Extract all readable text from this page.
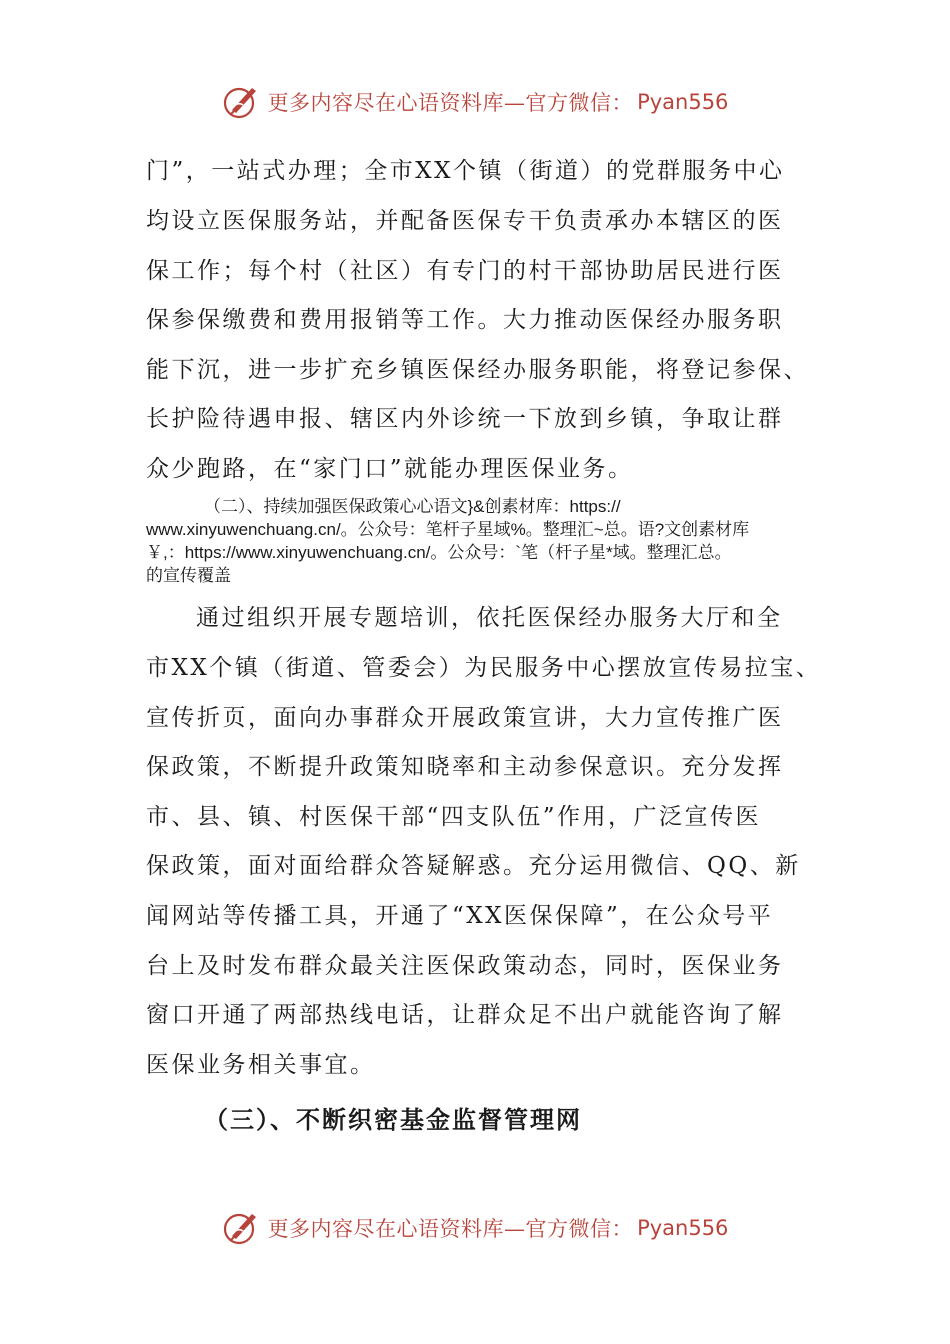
更多内容尽在心语资料库—官方微信： Pyan556
门”，一站式办理；全市XX个镇（街道）的党群服务中心
均设立医保服务站，并配备医保专干负责承办本辖区的医
保工作；每个村（社区）有专门的村干部协助居民进行医
保参保缴费和费用报销等工作。大力推动医保经办服务职
能下沉，进一步扩充乡镇医保经办服务职能，将登记参保、
长护险待遇申报、辖区内外诊统一下放到乡镇，争取让群
众少跑路，在“家门口”就能办理医保业务。
（二）、持续加强医保政策心心语文}&创素材库：https://
www.xinyuwenchuang.cn/。公众号：笔杆子星域%。整理汇~总。语?文创素材库
￥,：https://www.xinyuwenchuang.cn/。公众号：`笔（杆子星*域。整理汇总。
的宣传覆盖
通过组织开展专题培训，依托医保经办服务大厅和全
市XX个镇（街道、管委会）为民服务中心摆放宣传易拉宝、
宣传折页，面向办事群众开展政策宣讲，大力宣传推广医
保政策，不断提升政策知晓率和主动参保意识。充分发挥
市、县、镇、村医保干部“四支队伍”作用，广泛宣传医
保政策，面对面给群众答疑解惑。充分运用微信、QQ、新
闻网站等传播工具，开通了“XX医保保障”，在公众号平
台上及时发布群众最关注医保政策动态，同时，医保业务
窗口开通了两部热线电话，让群众足不出户就能咨询了解
医保业务相关事宜。
（三）、不断织密基金监督管理网
更多内容尽在心语资料库—官方微信： Pyan556
